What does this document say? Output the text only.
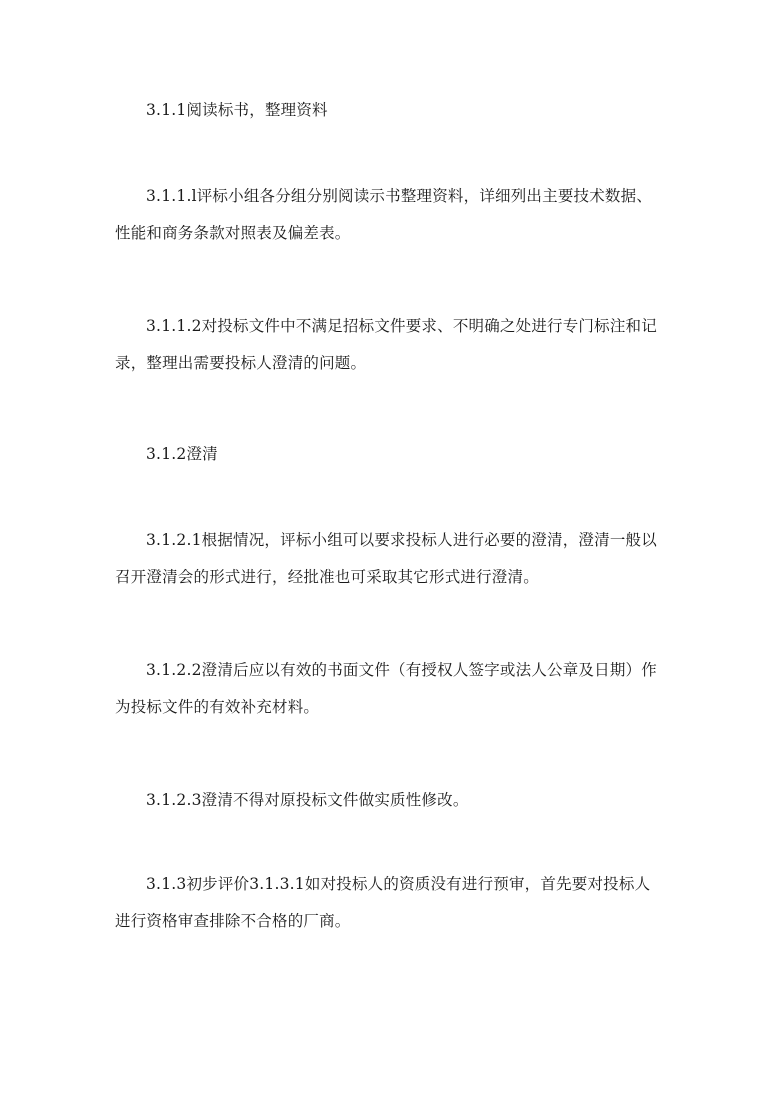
3.1.1阅读标书，整理资料

3.1.1.l评标小组各分组分别阅读示书整理资料，详细列出主要技术数据、性能和商务条款对照表及偏差表。

3.1.1.2对投标文件中不满足招标文件要求、不明确之处进行专门标注和记录，整理出需要投标人澄清的问题。

3.1.2澄清

3.1.2.1根据情况，评标小组可以要求投标人进行必要的澄清，澄清一般以召开澄清会的形式进行，经批准也可采取其它形式进行澄清。

3.1.2.2澄清后应以有效的书面文件（有授权人签字或法人公章及日期）作为投标文件的有效补充材料。

3.1.2.3澄清不得对原投标文件做实质性修改。

3.1.3初步评价3.1.3.1如对投标人的资质没有进行预审，首先要对投标人进行资格审查排除不合格的厂商。
